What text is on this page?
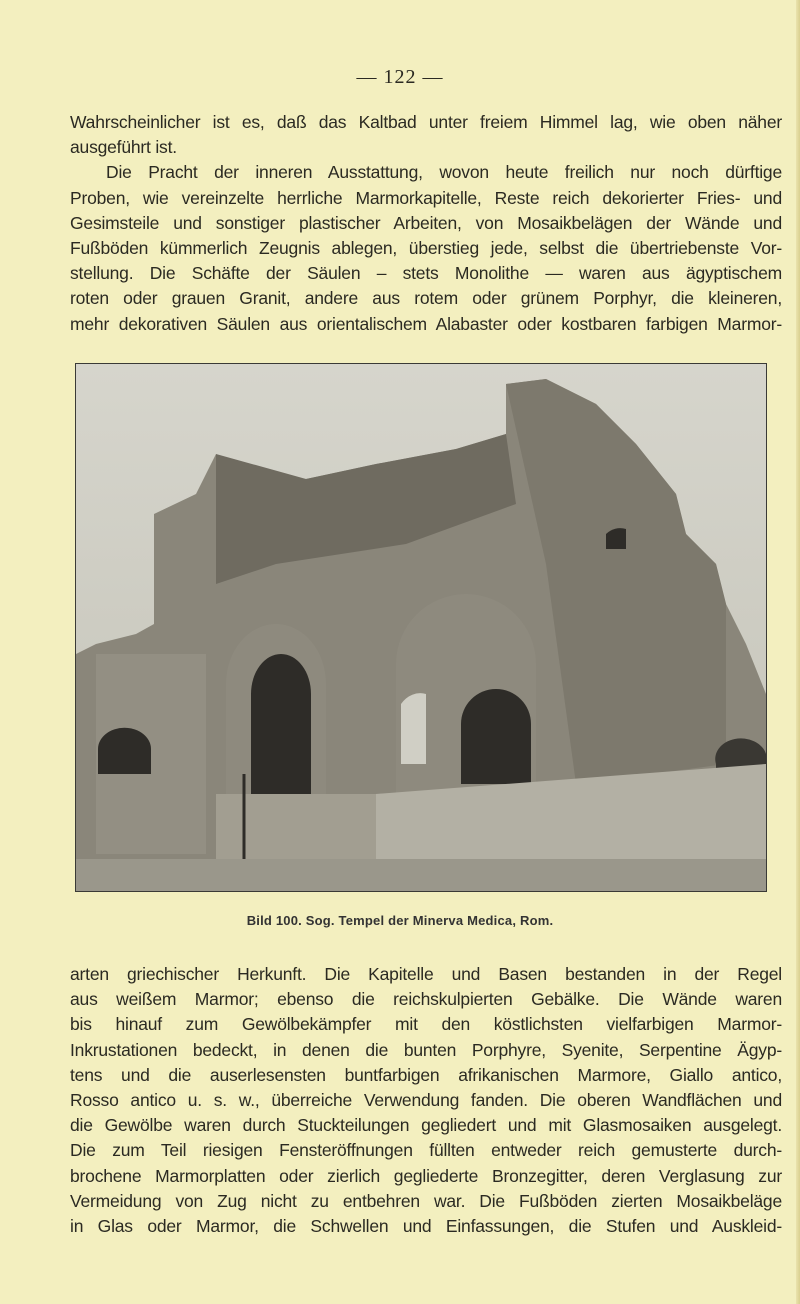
— 122 —
Wahrscheinlicher ist es, daß das Kaltbad unter freiem Himmel lag, wie oben näher
ausgeführt ist.
Die Pracht der inneren Ausstattung, wovon heute freilich nur noch dürftige
Proben, wie vereinzelte herrliche Marmorkapitelle, Reste reich dekorierter Fries- und
Gesimsteile und sonstiger plastischer Arbeiten, von Mosaikbelägen der Wände und
Fußböden kümmerlich Zeugnis ablegen, überstieg jede, selbst die übertriebenste Vor-
stellung. Die Schäfte der Säulen – stets Monolithe — waren aus ägyptischem
roten oder grauen Granit, andere aus rotem oder grünem Porphyr, die kleineren,
mehr dekorativen Säulen aus orientalischem Alabaster oder kostbaren farbigen Marmor-
Bild 100. Sog. Tempel der Minerva Medica, Rom.
arten griechischer Herkunft. Die Kapitelle und Basen bestanden in der Regel
aus weißem Marmor; ebenso die reichskulpierten Gebälke. Die Wände waren
bis hinauf zum Gewölbekämpfer mit den köstlichsten vielfarbigen Marmor-
Inkrustationen bedeckt, in denen die bunten Porphyre, Syenite, Serpentine Ägyp-
tens und die auserlesensten buntfarbigen afrikanischen Marmore, Giallo antico,
Rosso antico u. s. w., überreiche Verwendung fanden. Die oberen Wandflächen und
die Gewölbe waren durch Stuckteilungen gegliedert und mit Glasmosaiken ausgelegt.
Die zum Teil riesigen Fensteröffnungen füllten entweder reich gemusterte durch-
brochene Marmorplatten oder zierlich gegliederte Bronzegitter, deren Verglasung zur
Vermeidung von Zug nicht zu entbehren war. Die Fußböden zierten Mosaikbeläge
in Glas oder Marmor, die Schwellen und Einfassungen, die Stufen und Auskleid-
